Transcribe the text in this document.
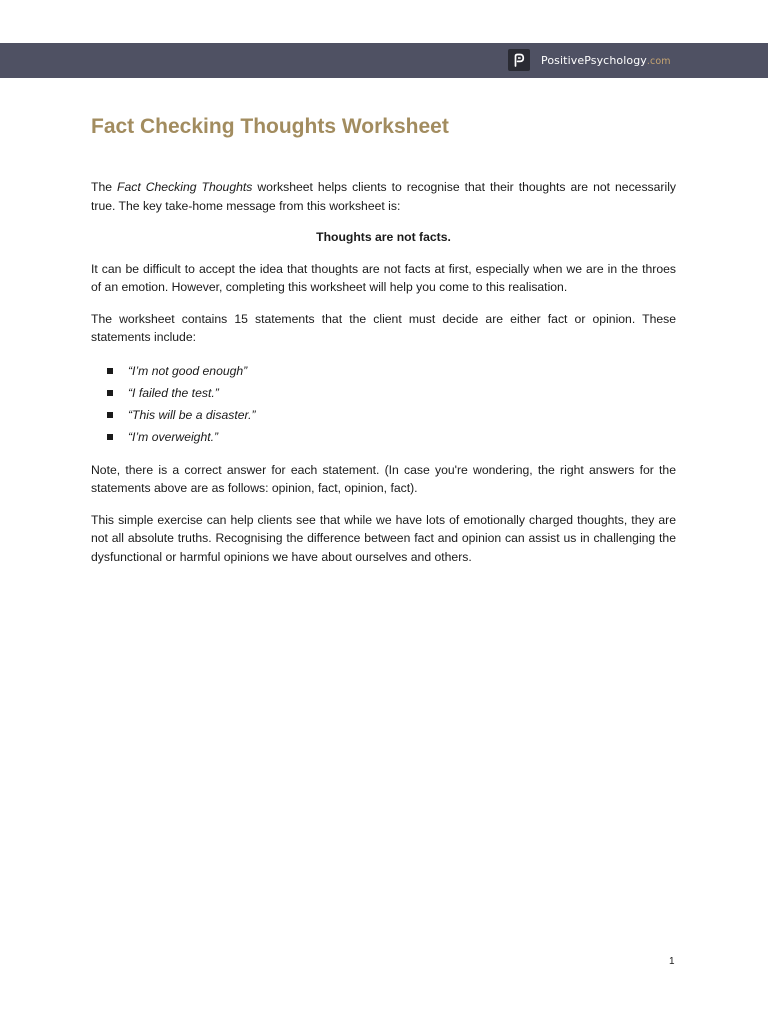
PositivePsychology.com
Fact Checking Thoughts Worksheet

The Fact Checking Thoughts worksheet helps clients to recognise that their thoughts are not necessarily true. The key take-home message from this worksheet is:

Thoughts are not facts.

It can be difficult to accept the idea that thoughts are not facts at first, especially when we are in the throes of an emotion. However, completing this worksheet will help you come to this realisation.

The worksheet contains 15 statements that the client must decide are either fact or opinion. These statements include:

“I’m not good enough”
“I failed the test.”
“This will be a disaster.”
“I’m overweight.”

Note, there is a correct answer for each statement. (In case you're wondering, the right answers for the statements above are as follows: opinion, fact, opinion, fact).

This simple exercise can help clients see that while we have lots of emotionally charged thoughts, they are not all absolute truths. Recognising the difference between fact and opinion can assist us in challenging the dysfunctional or harmful opinions we have about ourselves and others.

1
